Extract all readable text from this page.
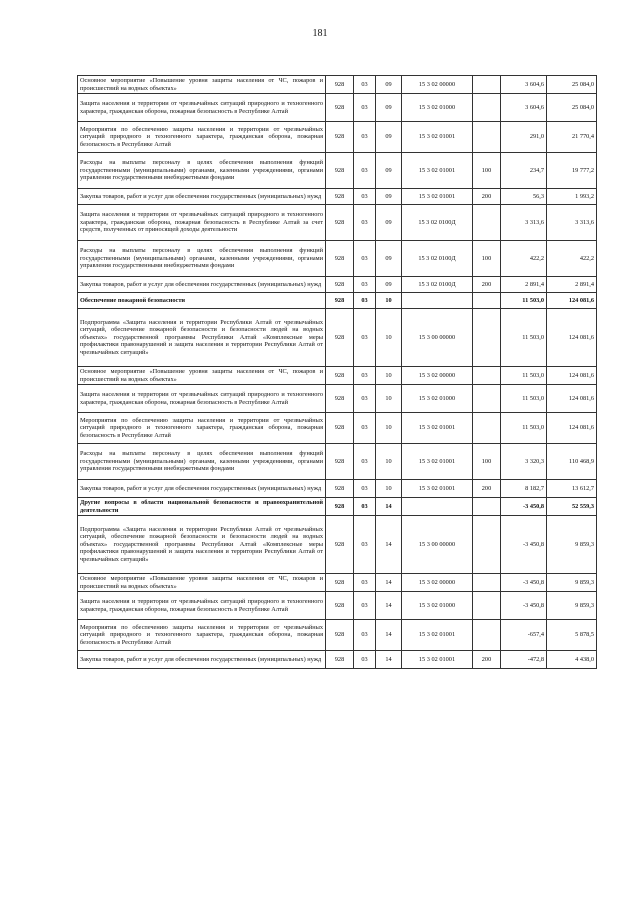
181
Основное мероприятие «Повышение уровня защиты населения от ЧС, пожаров и происшествий на водных объектах»	928	03	09	15 3 02 00000		3 604,6	25 084,0
Защита населения и территории от чрезвычайных ситуаций природного и техногенного характера, гражданская оборона, пожарная безопасность в Республике Алтай	928	03	09	15 3 02 01000		3 604,6	25 084,0
Мероприятия по обеспечению защиты населения и территории от чрезвычайных ситуаций природного и техногенного характера, гражданская оборона, пожарная безопасность в Республике Алтай	928	03	09	15 3 02 01001		291,0	21 770,4
Расходы на выплаты персоналу в целях обеспечения выполнения функций государственными (муниципальными) органами, казенными учреждениями, органами управления государственными внебюджетными фондами	928	03	09	15 3 02 01001	100	234,7	19 777,2
Закупка товаров, работ и услуг для обеспечения государственных (муниципальных) нужд	928	03	09	15 3 02 01001	200	56,3	1 993,2
Защита населения и территории от чрезвычайных ситуаций природного и техногенного характера, гражданская оборона, пожарная безопасность в Республике Алтай за счет средств, полученных от приносящей доходы деятельности	928	03	09	15 3 02 0100Д		3 313,6	3 313,6
Расходы на выплаты персоналу в целях обеспечения выполнения функций государственными (муниципальными) органами, казенными учреждениями, органами управления государственными внебюджетными фондами	928	03	09	15 3 02 0100Д	100	422,2	422,2
Закупка товаров, работ и услуг для обеспечения государственных (муниципальных) нужд	928	03	09	15 3 02 0100Д	200	2 891,4	2 891,4
Обеспечение пожарной безопасности	928	03	10			11 503,0	124 081,6
Подпрограмма «Защита населения и территории Республики Алтай от чрезвычайных ситуаций, обеспечение пожарной безопасности и безопасности людей на водных объектах» государственной программы Республики Алтай «Комплексные меры профилактики правонарушений и защита населения и территории Республики Алтай от чрезвычайных ситуаций»	928	03	10	15 3 00 00000		11 503,0	124 081,6
Основное мероприятие «Повышение уровня защиты населения от ЧС, пожаров и происшествий на водных объектах»	928	03	10	15 3 02 00000		11 503,0	124 081,6
Защита населения и территории от чрезвычайных ситуаций природного и техногенного характера, гражданская оборона, пожарная безопасность в Республике Алтай	928	03	10	15 3 02 01000		11 503,0	124 081,6
Мероприятия по обеспечению защиты населения и территории от чрезвычайных ситуаций природного и техногенного характера, гражданская оборона, пожарная безопасность в Республике Алтай	928	03	10	15 3 02 01001		11 503,0	124 081,6
Расходы на выплаты персоналу в целях обеспечения выполнения функций государственными (муниципальными) органами, казенными учреждениями, органами управления государственными внебюджетными фондами	928	03	10	15 3 02 01001	100	3 320,3	110 468,9
Закупка товаров, работ и услуг для обеспечения государственных (муниципальных) нужд	928	03	10	15 3 02 01001	200	8 182,7	13 612,7
Другие вопросы в области национальной безопасности и правоохранительной деятельности	928	03	14			-3 450,8	52 559,3
Подпрограмма «Защита населения и территории Республики Алтай от чрезвычайных ситуаций, обеспечение пожарной безопасности и безопасности людей на водных объектах» государственной программы Республики Алтай «Комплексные меры профилактики правонарушений и защита населения и территории Республики Алтай от чрезвычайных ситуаций»	928	03	14	15 3 00 00000		-3 450,8	9 859,3
Основное мероприятие «Повышение уровня защиты населения от ЧС, пожаров и происшествий на водных объектах»	928	03	14	15 3 02 00000		-3 450,8	9 859,3
Защита населения и территории от чрезвычайных ситуаций природного и техногенного характера, гражданская оборона, пожарная безопасность в Республике Алтай	928	03	14	15 3 02 01000		-3 450,8	9 859,3
Мероприятия по обеспечению защиты населения и территории от чрезвычайных ситуаций природного и техногенного характера, гражданская оборона, пожарная безопасность в Республике Алтай	928	03	14	15 3 02 01001		-657,4	5 878,5
Закупка товаров, работ и услуг для обеспечения государственных (муниципальных) нужд	928	03	14	15 3 02 01001	200	-472,8	4 438,0
